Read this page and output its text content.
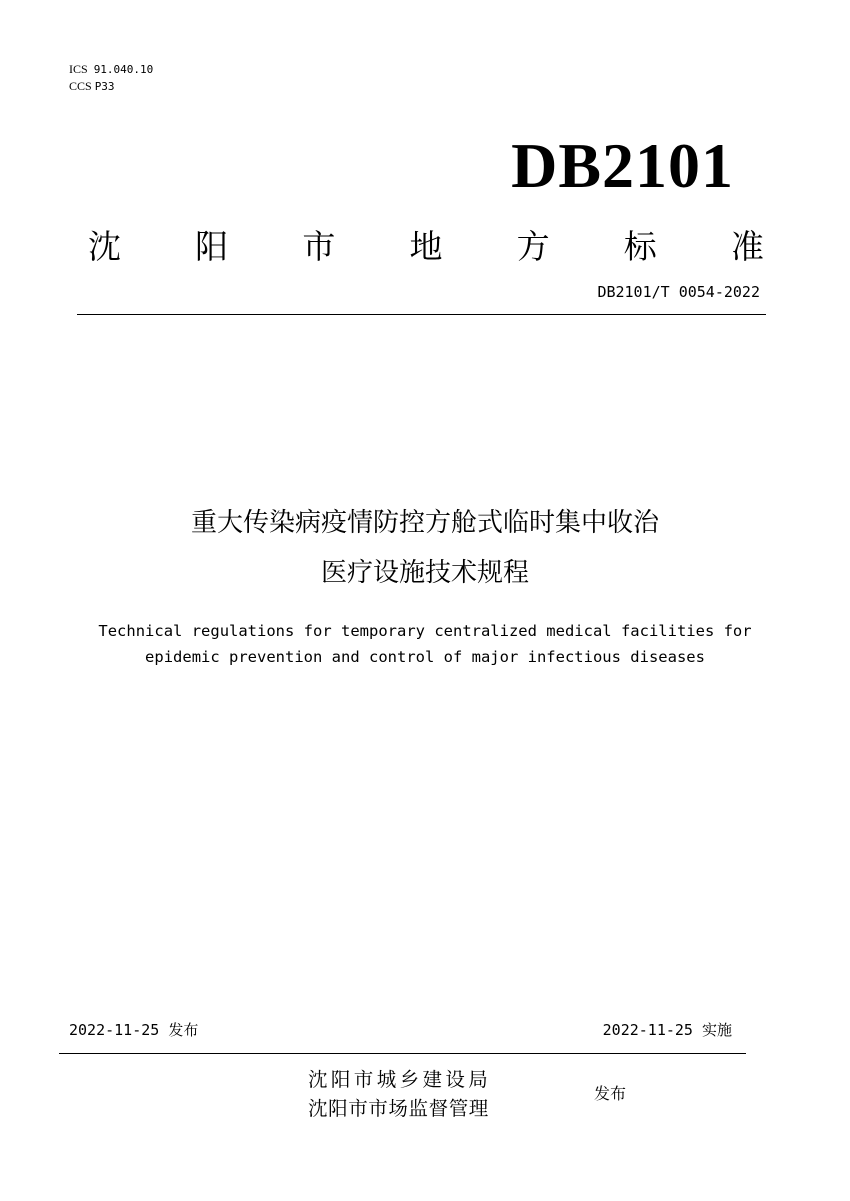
ICS 91.040.10
CCS P33
DB2101
沈 阳 市 地 方 标 准
DB2101/T 0054-2022
重大传染病疫情防控方舱式临时集中收治
医疗设施技术规程
Technical regulations for temporary centralized medical facilities for
epidemic prevention and control of major infectious diseases
2022-11-25 发布	2022-11-25 实施
沈阳市城乡建设局
沈阳市市场监督管理
发布
